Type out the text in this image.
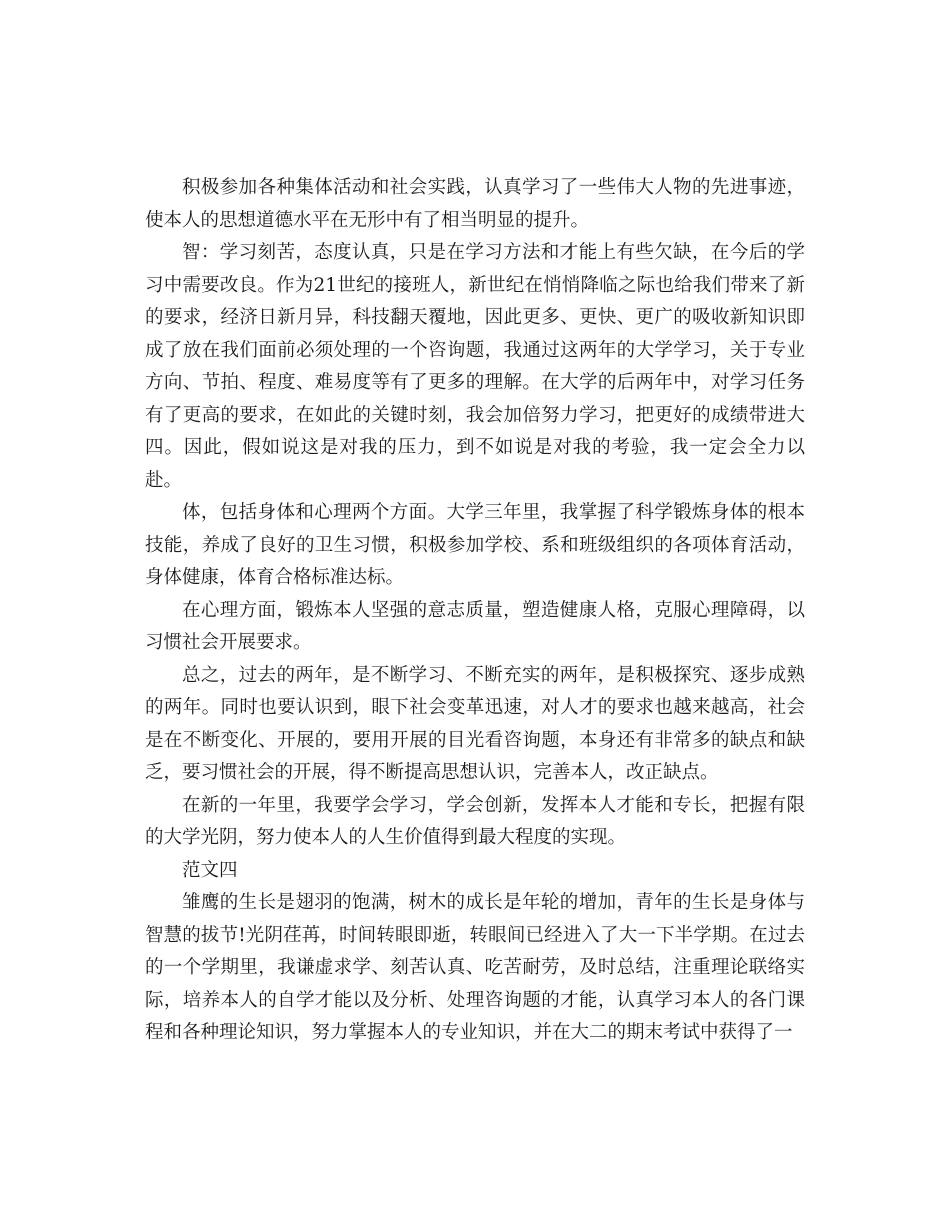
积极参加各种集体活动和社会实践，认真学习了一些伟大人物的先进事迹，使本人的思想道德水平在无形中有了相当明显的提升。

智：学习刻苦，态度认真，只是在学习方法和才能上有些欠缺，在今后的学习中需要改良。作为21世纪的接班人，新世纪在悄悄降临之际也给我们带来了新的要求，经济日新月异，科技翻天覆地，因此更多、更快、更广的吸收新知识即成了放在我们面前必须处理的一个咨询题，我通过这两年的大学学习，关于专业方向、节拍、程度、难易度等有了更多的理解。在大学的后两年中，对学习任务有了更高的要求，在如此的关键时刻，我会加倍努力学习，把更好的成绩带进大四。因此，假如说这是对我的压力，到不如说是对我的考验，我一定会全力以赴。

体，包括身体和心理两个方面。大学三年里，我掌握了科学锻炼身体的根本技能，养成了良好的卫生习惯，积极参加学校、系和班级组织的各项体育活动，身体健康，体育合格标准达标。

在心理方面，锻炼本人坚强的意志质量，塑造健康人格，克服心理障碍，以习惯社会开展要求。

总之，过去的两年，是不断学习、不断充实的两年，是积极探究、逐步成熟的两年。同时也要认识到，眼下社会变革迅速，对人才的要求也越来越高，社会是在不断变化、开展的，要用开展的目光看咨询题，本身还有非常多的缺点和缺乏，要习惯社会的开展，得不断提高思想认识，完善本人，改正缺点。

在新的一年里，我要学会学习，学会创新，发挥本人才能和专长，把握有限的大学光阴，努力使本人的人生价值得到最大程度的实现。

范文四

雏鹰的生长是翅羽的饱满，树木的成长是年轮的增加，青年的生长是身体与智慧的拔节!光阴荏苒，时间转眼即逝，转眼间已经进入了大一下半学期。在过去的一个学期里，我谦虚求学、刻苦认真、吃苦耐劳，及时总结，注重理论联络实际，培养本人的自学才能以及分析、处理咨询题的才能，认真学习本人的各门课程和各种理论知识，努力掌握本人的专业知识，并在大二的期末考试中获得了一
